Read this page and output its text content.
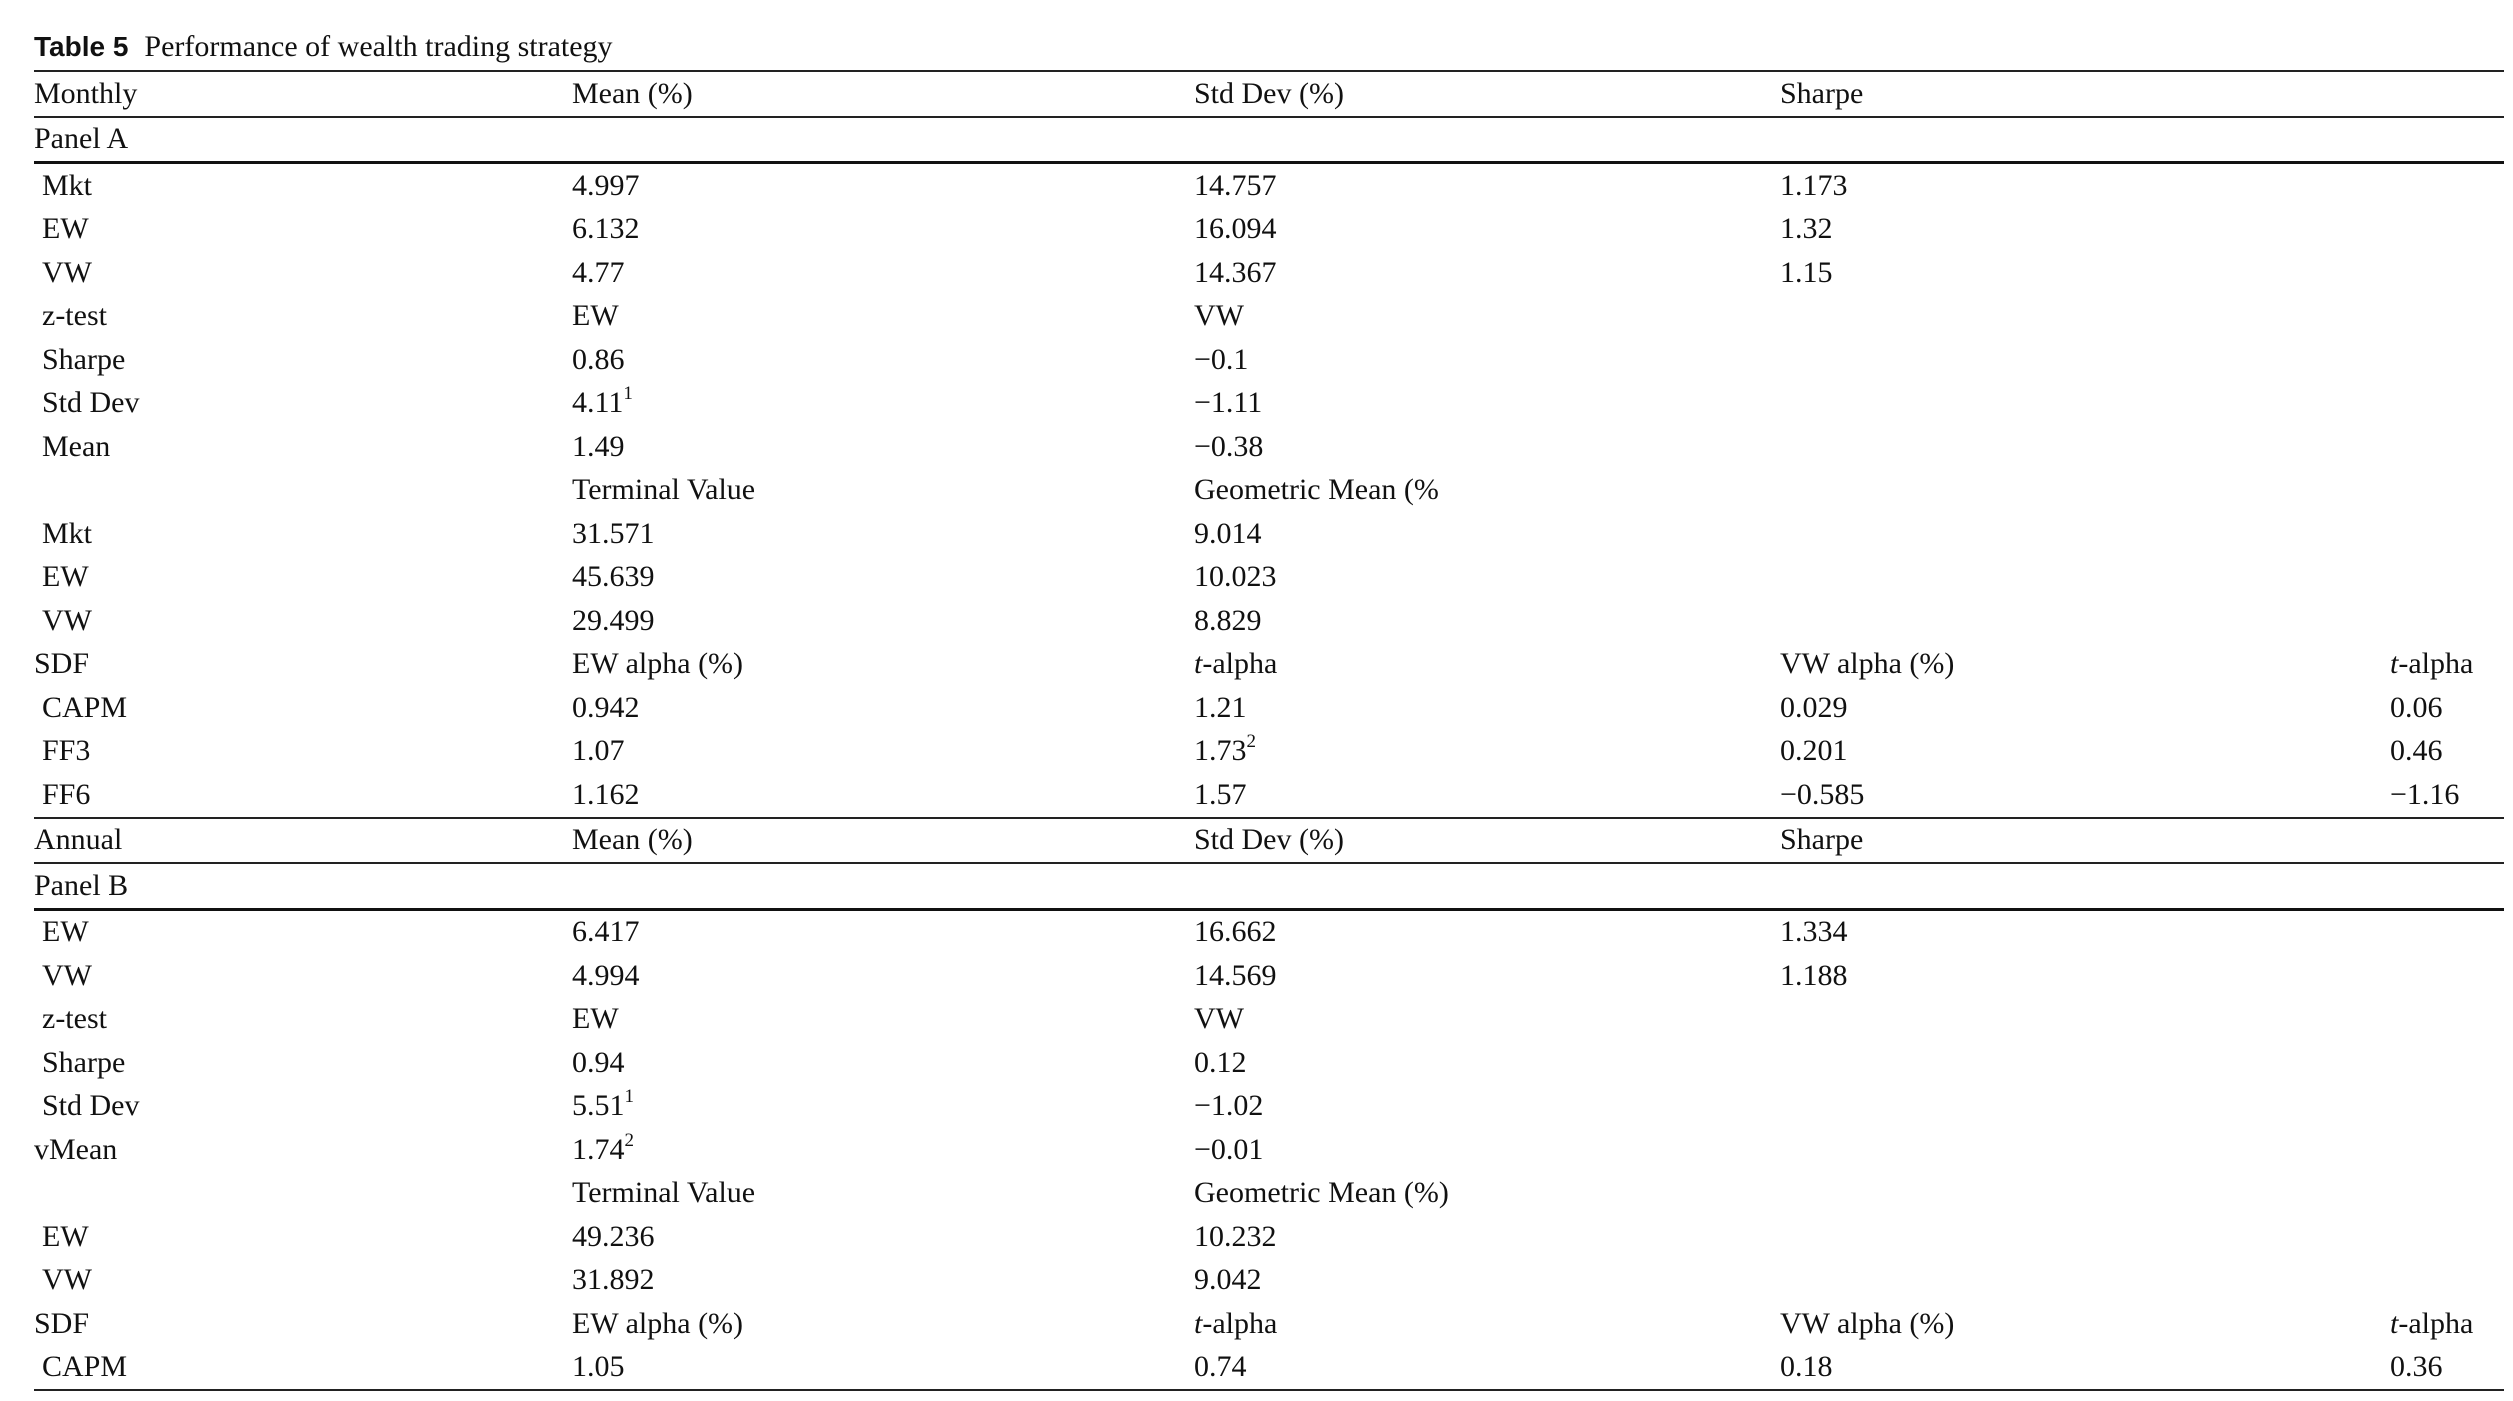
Table 5 Performance of wealth trading strategy
Monthly	Mean (%)	Std Dev (%)	Sharpe	
Panel A				
Mkt	4.997	14.757	1.173	
EW	6.132	16.094	1.32	
VW	4.77	14.367	1.15	
z-test	EW	VW		
Sharpe	0.86	−0.1		
Std Dev	$4.11^1$	−1.11		
Mean	1.49	−0.38		
	Terminal Value	Geometric Mean (%		
Mkt	31.571	9.014		
EW	45.639	10.023		
VW	29.499	8.829		
SDF	EW alpha (%)	t-alpha	VW alpha (%)	t-alpha
CAPM	0.942	1.21	0.029	0.06
FF3	1.07	1.73$^2$	0.201	0.46
FF6	1.162	1.57	−0.585	−1.16
Annual	Mean (%)	Std Dev (%)	Sharpe	
Panel B				
EW	6.417	16.662	1.334	
VW	4.994	14.569	1.188	
z-test	EW	VW		
Sharpe	0.94	0.12		
Std Dev	$5.51^1$	−1.02		
vMean	$1.74^2$	−0.01		
	Terminal Value	Geometric Mean (%)		
EW	49.236	10.232		
VW	31.892	9.042		
SDF	EW alpha (%)	t-alpha	VW alpha (%)	t-alpha
CAPM	1.05	0.74	0.18	0.36
